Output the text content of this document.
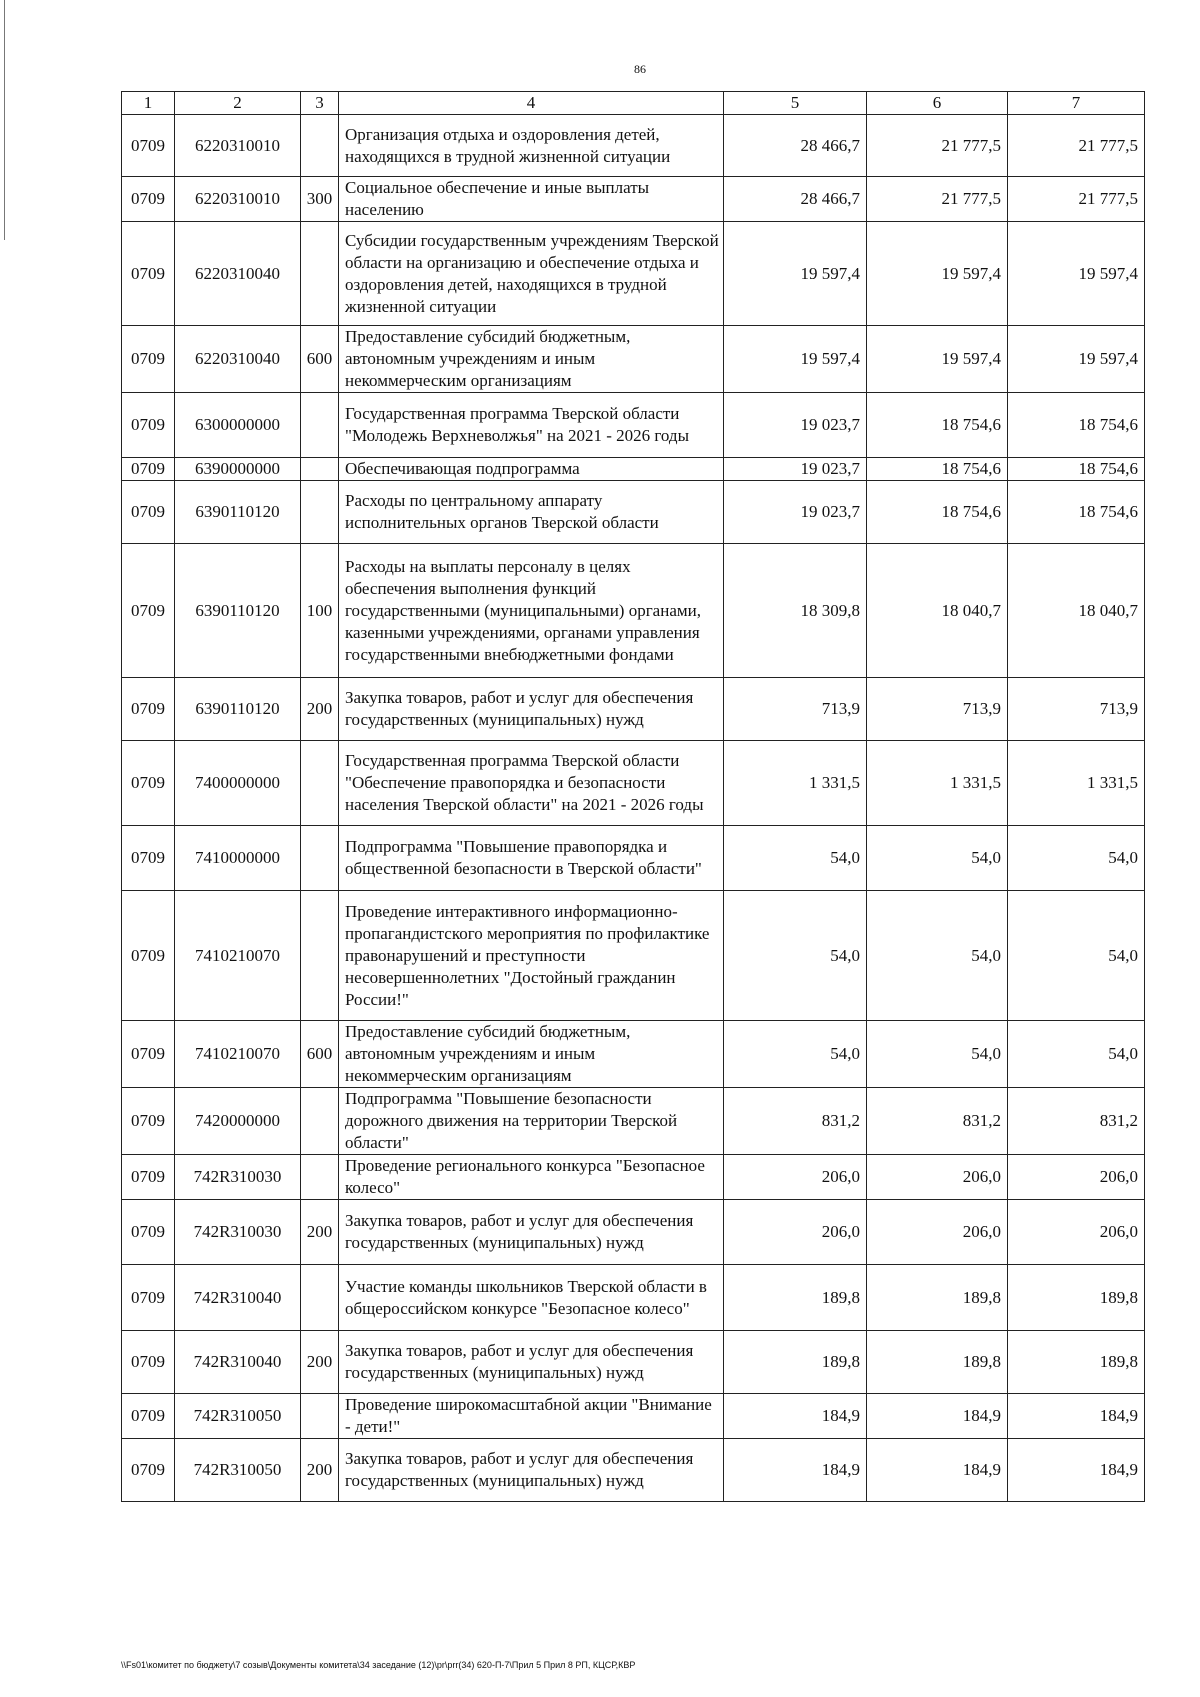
86
1	2	3	4	5	6	7
0709	6220310010		Организация отдыха и оздоровления детей, находящихся в трудной жизненной ситуации	28 466,7	21 777,5	21 777,5
0709	6220310010	300	Социальное обеспечение и иные выплаты населению	28 466,7	21 777,5	21 777,5
0709	6220310040		Субсидии государственным учреждениям Тверской области на организацию и обеспечение отдыха и оздоровления детей, находящихся в трудной жизненной ситуации	19 597,4	19 597,4	19 597,4
0709	6220310040	600	Предоставление субсидий бюджетным, автономным учреждениям и иным некоммерческим организациям	19 597,4	19 597,4	19 597,4
0709	6300000000		Государственная программа Тверской области "Молодежь Верхневолжья" на 2021 - 2026 годы	19 023,7	18 754,6	18 754,6
0709	6390000000		Обеспечивающая подпрограмма	19 023,7	18 754,6	18 754,6
0709	6390110120		Расходы по центральному аппарату исполнительных органов Тверской области	19 023,7	18 754,6	18 754,6
0709	6390110120	100	Расходы на выплаты персоналу в целях обеспечения выполнения функций государственными (муниципальными) органами, казенными учреждениями, органами управления государственными внебюджетными фондами	18 309,8	18 040,7	18 040,7
0709	6390110120	200	Закупка товаров, работ и услуг для обеспечения государственных (муниципальных) нужд	713,9	713,9	713,9
0709	7400000000		Государственная программа Тверской области "Обеспечение правопорядка и безопасности населения Тверской области" на 2021 - 2026 годы	1 331,5	1 331,5	1 331,5
0709	7410000000		Подпрограмма "Повышение правопорядка и общественной безопасности в Тверской области"	54,0	54,0	54,0
0709	7410210070		Проведение интерактивного информационно-пропагандистского мероприятия по профилактике правонарушений и преступности несовершеннолетних "Достойный гражданин России!"	54,0	54,0	54,0
0709	7410210070	600	Предоставление субсидий бюджетным, автономным учреждениям и иным некоммерческим организациям	54,0	54,0	54,0
0709	7420000000		Подпрограмма "Повышение безопасности дорожного движения на территории Тверской области"	831,2	831,2	831,2
0709	742R310030		Проведение регионального конкурса "Безопасное колесо"	206,0	206,0	206,0
0709	742R310030	200	Закупка товаров, работ и услуг для обеспечения государственных (муниципальных) нужд	206,0	206,0	206,0
0709	742R310040		Участие команды школьников Тверской области в общероссийском конкурсе "Безопасное колесо"	189,8	189,8	189,8
0709	742R310040	200	Закупка товаров, работ и услуг для обеспечения государственных (муниципальных) нужд	189,8	189,8	189,8
0709	742R310050		Проведение широкомасштабной акции "Внимание - дети!"	184,9	184,9	184,9
0709	742R310050	200	Закупка товаров, работ и услуг для обеспечения государственных (муниципальных) нужд	184,9	184,9	184,9
\\Fs01\комитет по бюджету\7 созыв\Документы комитета\34 заседание (12)\pr\prr(34) 620-П-7\Прил 5 Прил 8 РП, КЦСР,КВР
